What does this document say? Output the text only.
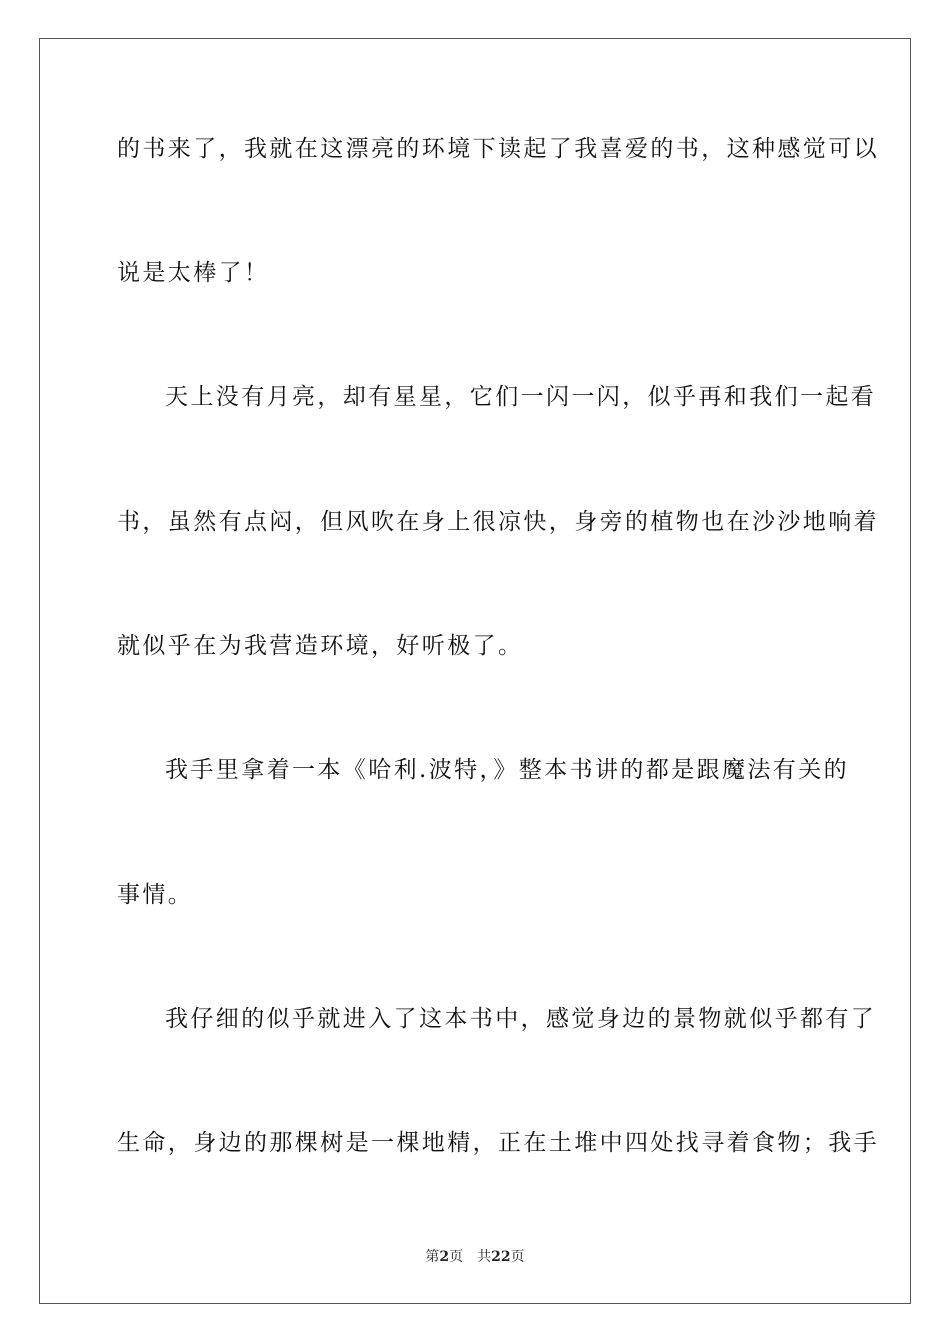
的书来了，我就在这漂亮的环境下读起了我喜爱的书，这种感觉可以
说是太棒了！
天上没有月亮，却有星星，它们一闪一闪，似乎再和我们一起看
书，虽然有点闷，但风吹在身上很凉快，身旁的植物也在沙沙地响着
就似乎在为我营造环境，好听极了。
我手里拿着一本《哈利.波特，》整本书讲的都是跟魔法有关的
事情。
我仔细的似乎就进入了这本书中，感觉身边的景物就似乎都有了
生命，身边的那棵树是一棵地精，正在土堆中四处找寻着食物；我手
第2页 共22页
